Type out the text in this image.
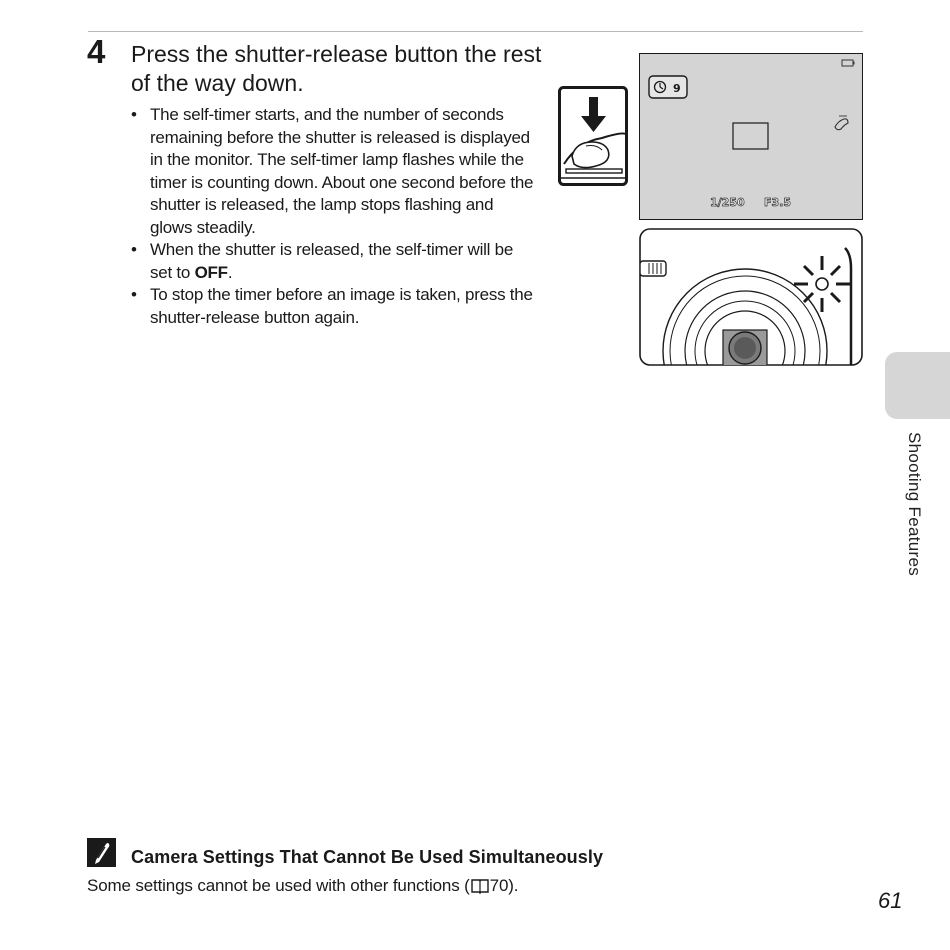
4 Press the shutter-release button the rest of the way down.
• The self-timer starts, and the number of seconds remaining before the shutter is released is displayed in the monitor. The self-timer lamp flashes while the timer is counting down. About one second before the shutter is released, the lamp stops flashing and glows steadily.
• When the shutter is released, the self-timer will be set to OFF.
• To stop the timer before an image is taken, press the shutter-release button again.
9
1/250 F3.5
Shooting Features
Camera Settings That Cannot Be Used Simultaneously
Some settings cannot be used with other functions ( 70).
61
